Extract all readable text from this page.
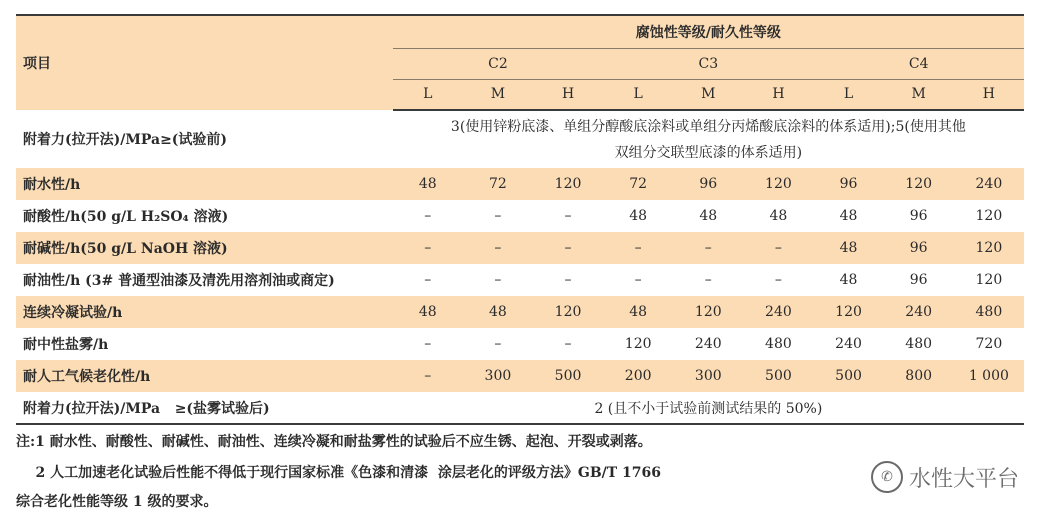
项目	腐蚀性等级/耐久性等级								
	C2			C3			C4		
	L	M	H	L	M	H	L	M	H
附着力(拉开法)/MPa≥(试验前)	3(使用锌粉底漆、单组分醇酸底涂料或单组分丙烯酸底涂料的体系适用);5(使用其他
双组分交联型底漆的体系适用)								

耐水性/h	48	72	120	72	96	120	96	120	240
耐酸性/h(50 g/L H₂SO₄ 溶液)	–	–	–	48	48	48	48	96	120
耐碱性/h(50 g/L NaOH 溶液)	–	–	–	–	–	–	48	96	120
耐油性/h (3# 普通型油漆及清洗用溶剂油或商定)	–	–	–	–	–	–	48	96	120
连续冷凝试验/h	48	48	120	48	120	240	120	240	480
耐中性盐雾/h	–	–	–	120	240	480	240	480	720
耐人工气候老化性/h	–	300	500	200	300	500	500	800	1 000
附着力(拉开法)/MPa   ≥(盐雾试验后)	2 (且不小于试验前测试结果的 50%)								
注:1 耐水性、耐酸性、耐碱性、耐油性、连续冷凝和耐盐雾性的试验后不应生锈、起泡、开裂或剥落。
2 人工加速老化试验后性能不得低于现行国家标准《色漆和清漆  涂层老化的评级方法》GB/T 1766
综合老化性能等级 1 级的要求。
✆ 水性大平台
